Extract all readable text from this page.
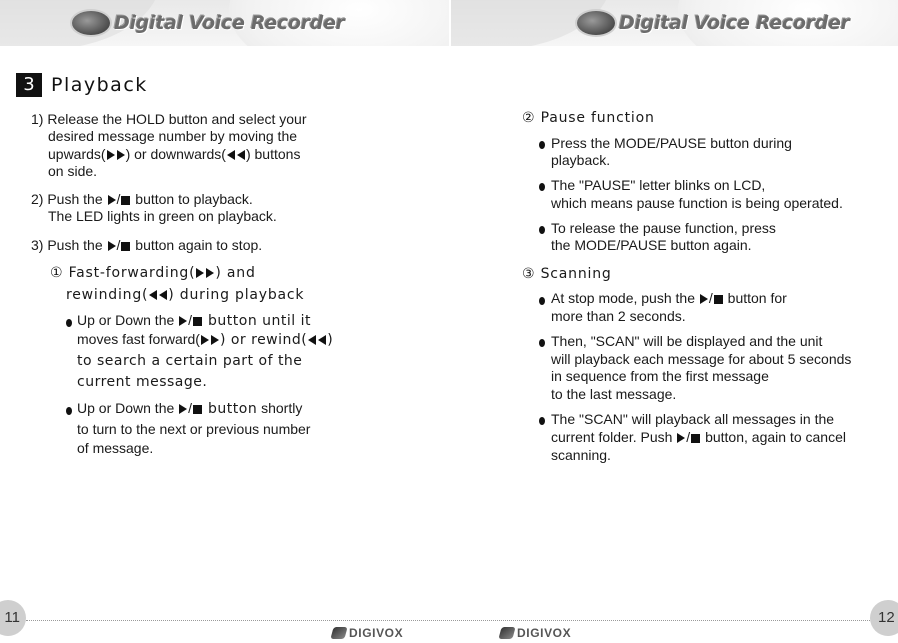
Digital Voice Recorder	Digital Voice Recorder
3 Playback
1) Release the HOLD button and select your
desired message number by moving the
upwards( ) or downwards( ) buttons
on side.
2) Push the / button to playback.
The LED lights in green on playback.
3) Push the / button again to stop.
① Fast-forwarding( ) and
rewinding( ) during playback
Up or Down the / button until it
moves fast forward( ) or rewind( )
to search a certain part of the
current message.
Up or Down the / button shortly
to turn to the next or previous number
of message.
② Pause function
Press the MODE/PAUSE button during
playback.
The "PAUSE" letter blinks on LCD,
which means pause function is being operated.
To release the pause function, press
the MODE/PAUSE button again.
③ Scanning
At stop mode, push the / button for
more than 2 seconds.
Then, "SCAN" will be displayed and the unit
will playback each message for about 5 seconds
in sequence from the first message
to the last message.
The "SCAN" will playback all messages in the
current folder. Push / button, again to cancel
scanning.
11	12
DIGIVOX	DIGIVOX
